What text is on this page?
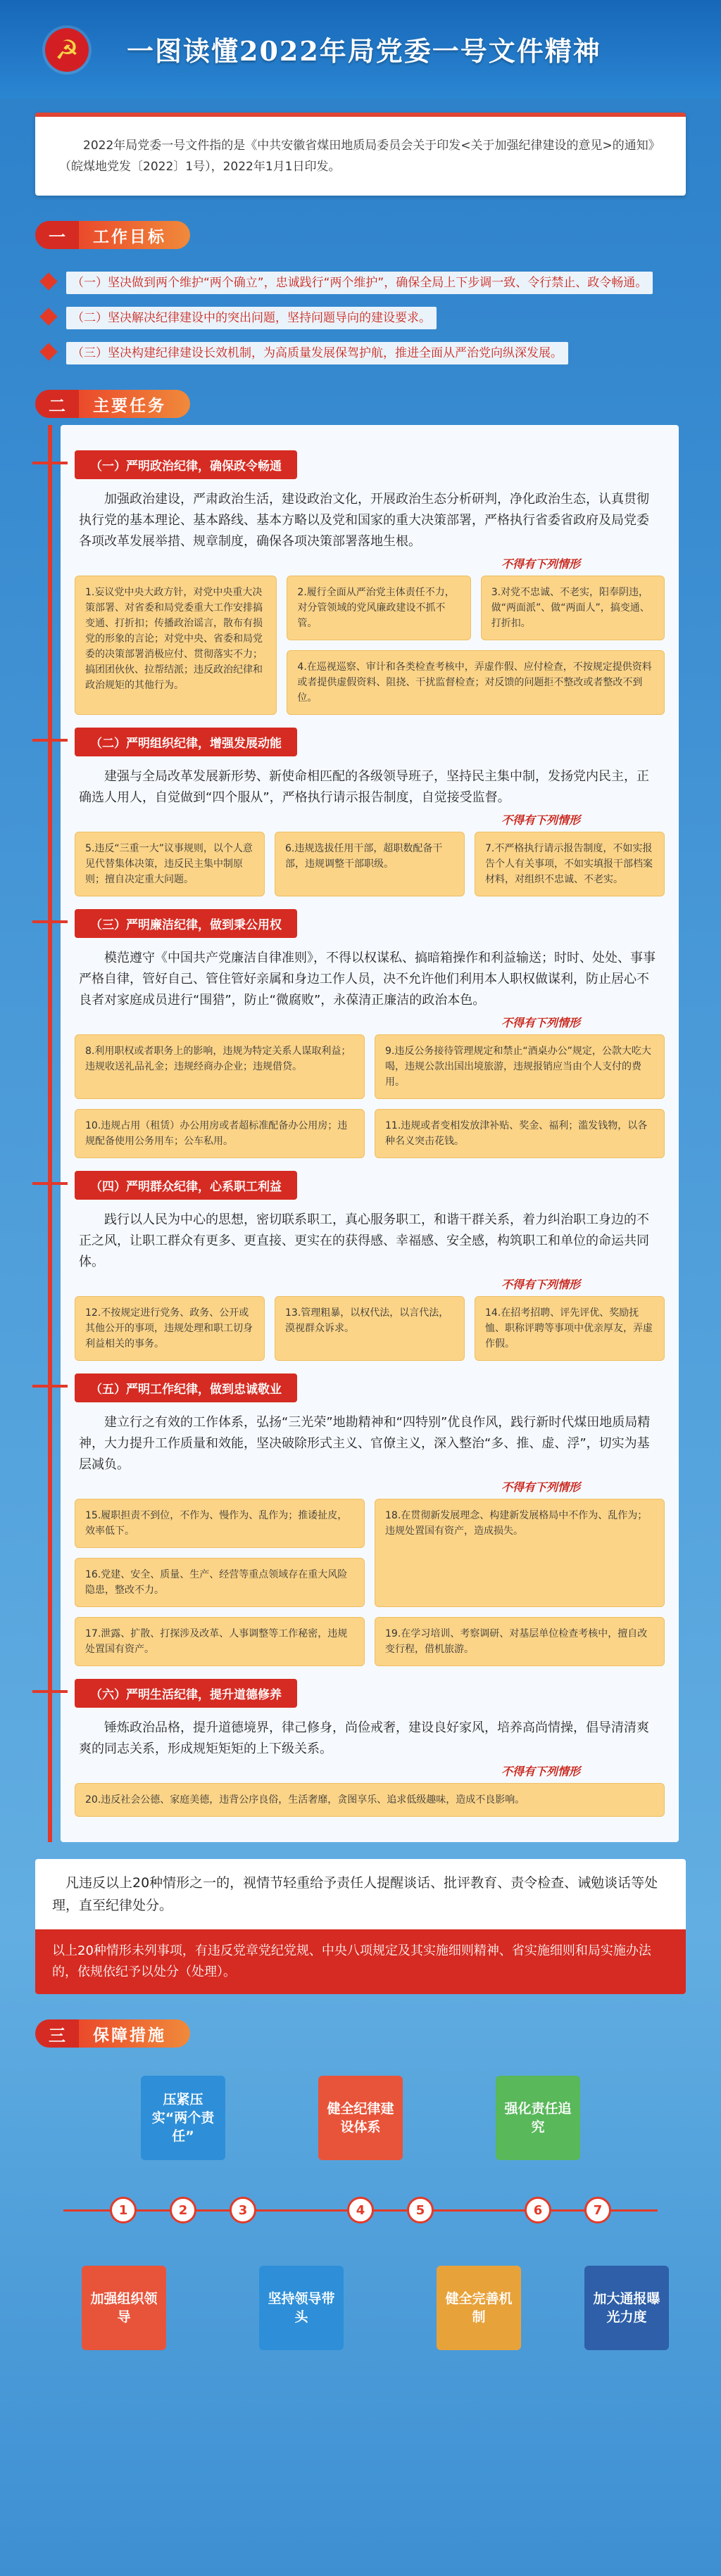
☭	一图读懂2022年局党委一号文件精神
2022年局党委一号文件指的是《中共安徽省煤田地质局委员会关于印发<关于加强纪律建设的意见>的通知》（皖煤地党发〔2022〕1号），2022年1月1日印发。
一	工作目标
（一）坚决做到两个维护“两个确立”，忠诚践行“两个维护”，确保全局上下步调一致、令行禁止、政令畅通。
（二）坚决解决纪律建设中的突出问题，坚持问题导向的建设要求。
（三）坚决构建纪律建设长效机制，为高质量发展保驾护航，推进全面从严治党向纵深发展。
二	主要任务
（一）严明政治纪律，确保政令畅通
加强政治建设，严肃政治生活，建设政治文化，开展政治生态分析研判，净化政治生态，认真贯彻执行党的基本理论、基本路线、基本方略以及党和国家的重大决策部署，严格执行省委省政府及局党委各项改革发展举措、规章制度，确保各项决策部署落地生根。
不得有下列情形
1.妄议党中央大政方针，对党中央重大决策部署、对省委和局党委重大工作安排搞变通、打折扣；传播政治谣言，散布有损党的形象的言论；对党中央、省委和局党委的决策部署消极应付、贯彻落实不力；搞团团伙伙、拉帮结派；违反政治纪律和政治规矩的其他行为。
2.履行全面从严治党主体责任不力，对分管领域的党风廉政建设不抓不管。
3.对党不忠诚、不老实，阳奉阴违，做“两面派”、做“两面人”，搞变通、打折扣。
4.在巡视巡察、审计和各类检查考核中，弄虚作假、应付检查，不按规定提供资料或者提供虚假资料、阻挠、干扰监督检查；对反馈的问题拒不整改或者整改不到位。
（二）严明组织纪律，增强发展动能
建强与全局改革发展新形势、新使命相匹配的各级领导班子，坚持民主集中制，发扬党内民主，正确选人用人，自觉做到“四个服从”，严格执行请示报告制度，自觉接受监督。
不得有下列情形
5.违反“三重一大”议事规则，以个人意见代替集体决策，违反民主集中制原则；擅自决定重大问题。
6.违规选拔任用干部，超职数配备干部，违规调整干部职级。
7.不严格执行请示报告制度，不如实报告个人有关事项，不如实填报干部档案材料，对组织不忠诚、不老实。
（三）严明廉洁纪律，做到秉公用权
模范遵守《中国共产党廉洁自律准则》，不得以权谋私、搞暗箱操作和利益输送；时时、处处、事事严格自律，管好自己、管住管好亲属和身边工作人员，决不允许他们利用本人职权做谋利，防止居心不良者对家庭成员进行“围猎”，防止“微腐败”，永葆清正廉洁的政治本色。
不得有下列情形
8.利用职权或者职务上的影响，违规为特定关系人谋取利益；违规收送礼品礼金；违规经商办企业；违规借贷。
9.违反公务接待管理规定和禁止“酒桌办公”规定，公款大吃大喝，违规公款出国出境旅游，违规报销应当由个人支付的费用。
10.违规占用（租赁）办公用房或者超标准配备办公用房；违规配备使用公务用车；公车私用。
11.违规或者变相发放津补贴、奖金、福利；滥发钱物，以各种名义突击花钱。
（四）严明群众纪律，心系职工利益
践行以人民为中心的思想，密切联系职工，真心服务职工，和谐干群关系，着力纠治职工身边的不正之风，让职工群众有更多、更直接、更实在的获得感、幸福感、安全感，构筑职工和单位的命运共同体。
不得有下列情形
12.不按规定进行党务、政务、公开或其他公开的事项，违规处理和职工切身利益相关的事务。
13.管理粗暴，以权代法，以言代法，漠视群众诉求。
14.在招考招聘、评先评优、奖励抚恤、职称评聘等事项中优亲厚友，弄虚作假。
（五）严明工作纪律，做到忠诚敬业
建立行之有效的工作体系，弘扬“三光荣”地勘精神和“四特别”优良作风，践行新时代煤田地质局精神，大力提升工作质量和效能，坚决破除形式主义、官僚主义，深入整治“多、推、虚、浮”，切实为基层减负。
不得有下列情形
15.履职担责不到位，不作为、慢作为、乱作为；推诿扯皮，效率低下。
18.在贯彻新发展理念、构建新发展格局中不作为、乱作为；违规处置国有资产，造成损失。
16.党建、安全、质量、生产、经营等重点领域存在重大风险隐患，整改不力。
17.泄露、扩散、打探涉及改革、人事调整等工作秘密，违规处置国有资产。
19.在学习培训、考察调研、对基层单位检查考核中，擅自改变行程，借机旅游。
（六）严明生活纪律，提升道德修养
锤炼政治品格，提升道德境界，律己修身，尚俭戒奢，建设良好家风，培养高尚情操，倡导清清爽爽的同志关系，形成规矩矩矩的上下级关系。
不得有下列情形
20.违反社会公德、家庭美德，违背公序良俗，生活奢靡，贪图享乐、追求低级趣味，造成不良影响。
凡违反以上20种情形之一的，视情节轻重给予责任人提醒谈话、批评教育、责令检查、诫勉谈话等处理，直至纪律处分。
以上20种情形未列事项，有违反党章党纪党规、中央八项规定及其实施细则精神、省实施细则和局实施办法的，依规依纪予以处分（处理）。
三	保障措施
压紧压实“两个责任”
健全纪律建设体系
强化责任追究
1	2	3	4	5	6	7
加强组织领导
坚持领导带头
健全完善机制
加大通报曝光力度
